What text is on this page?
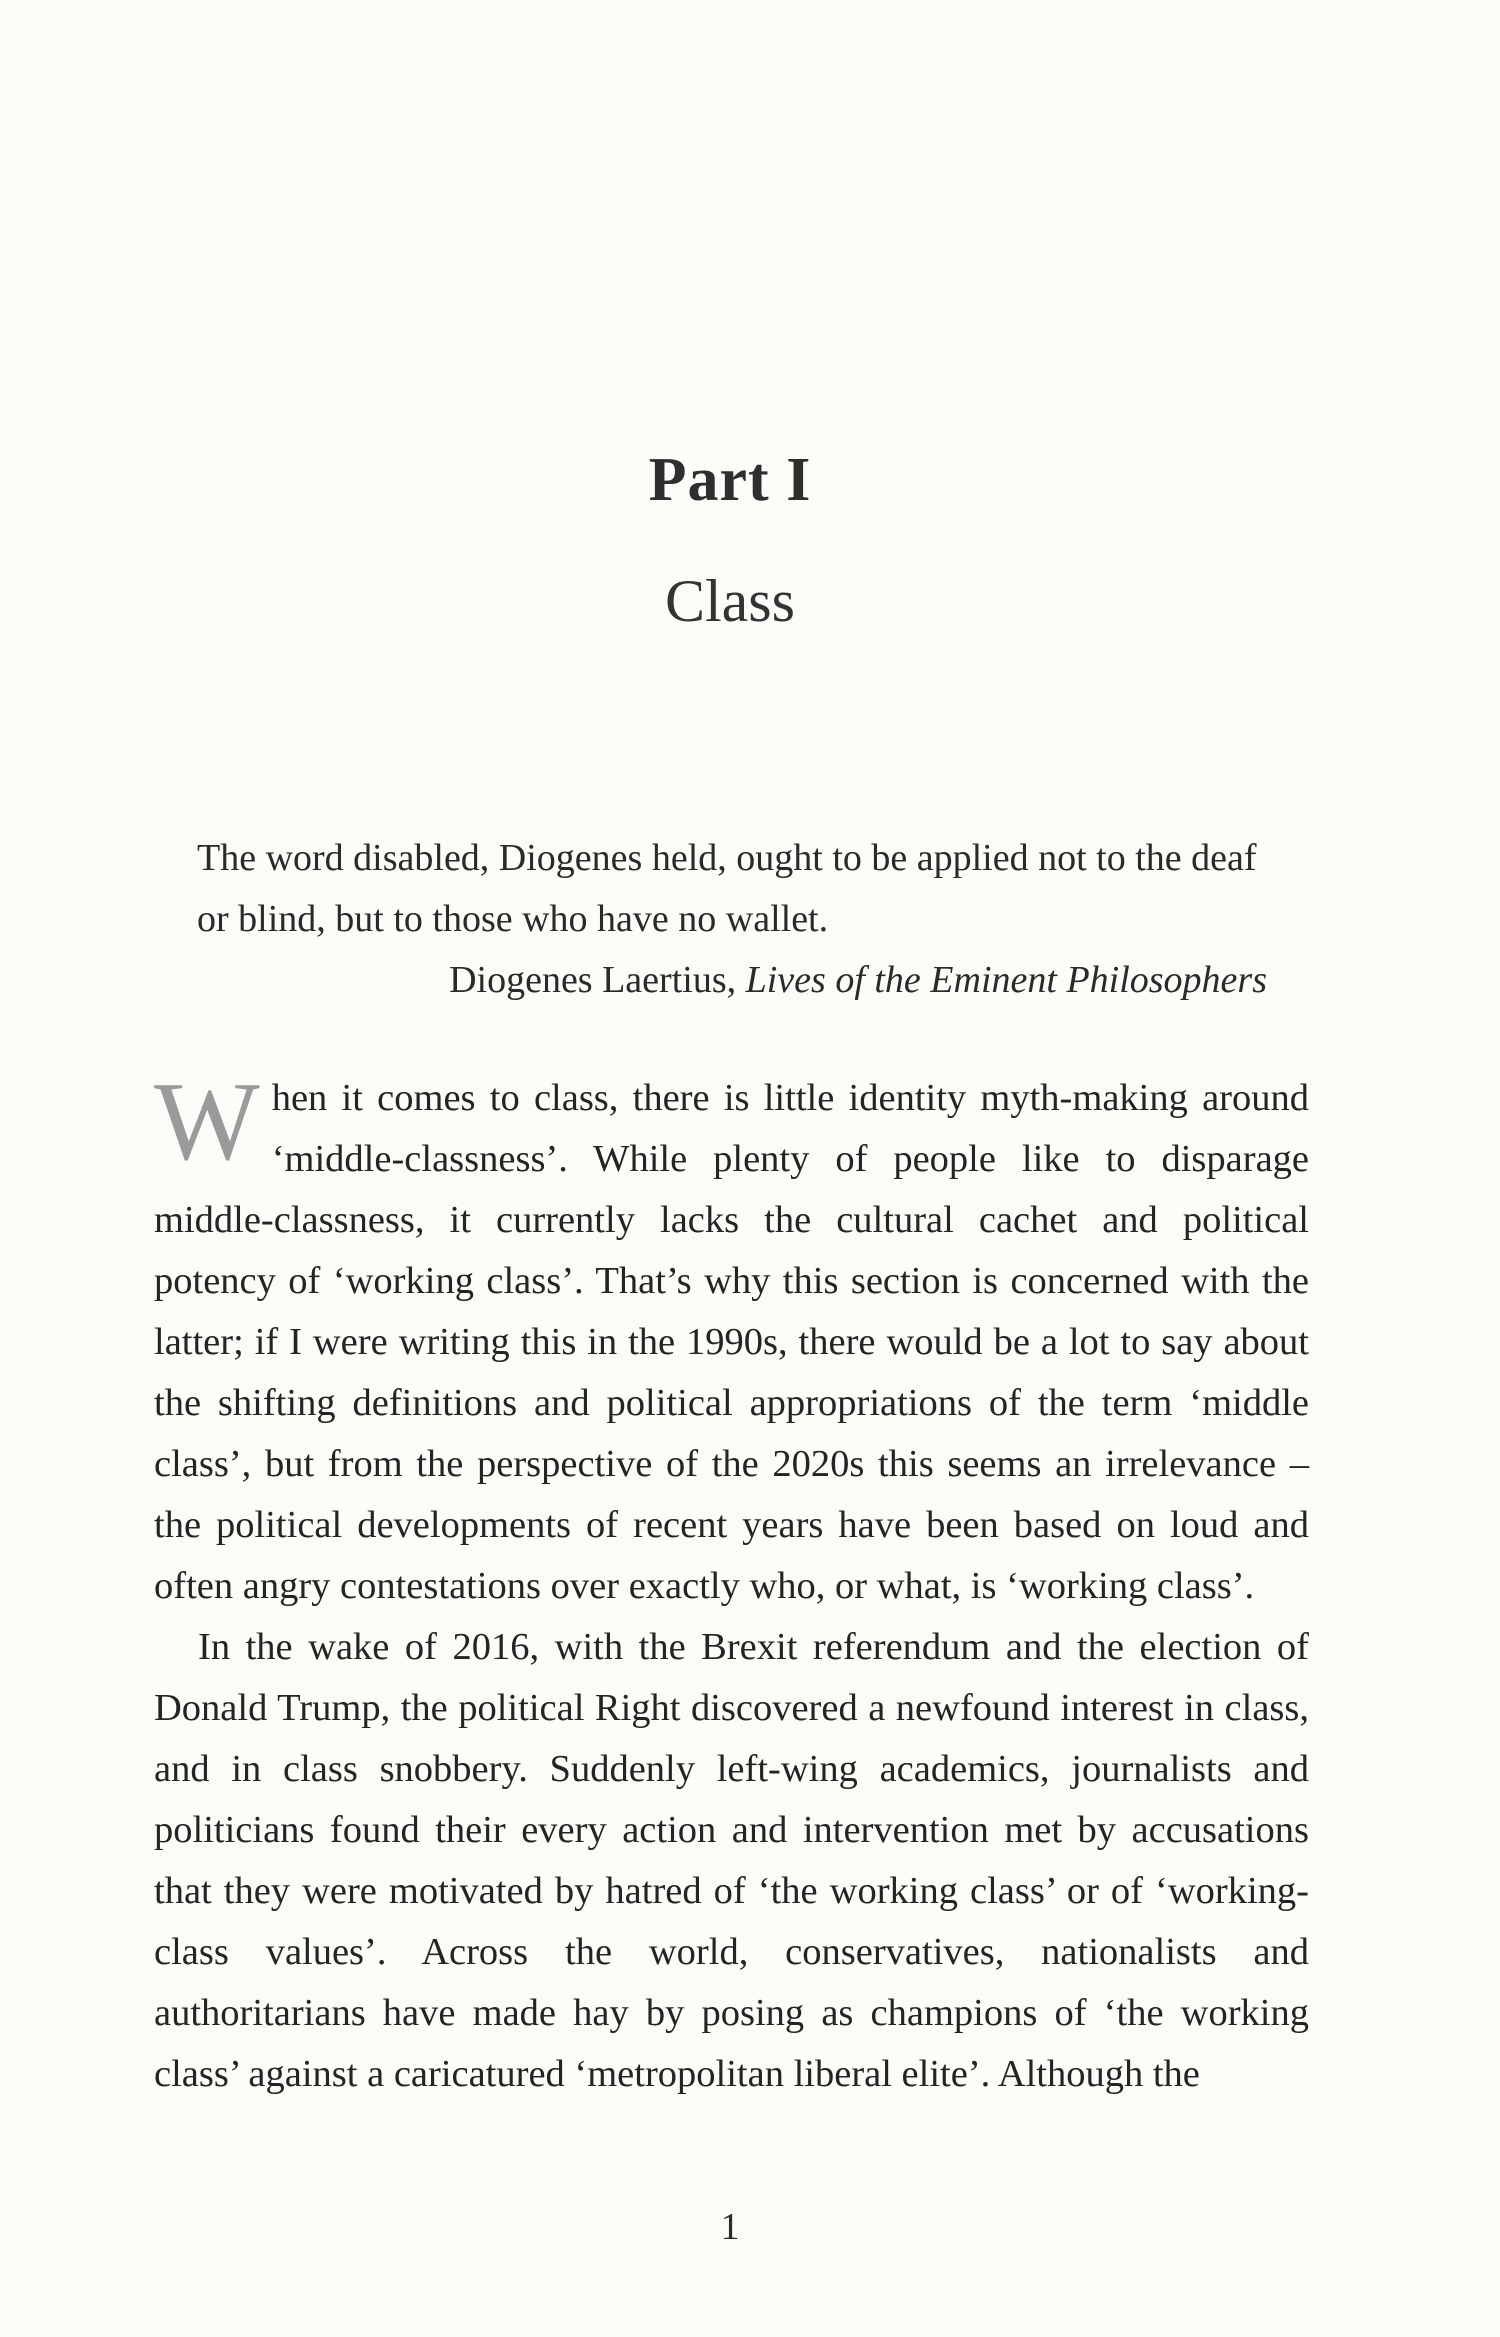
Part I
Class

The word disabled, Diogenes held, ought to be applied not to the deaf or blind, but to those who have no wallet.

Diogenes Laertius, Lives of the Eminent Philosophers

When it comes to class, there is little identity myth-making around ‘middle-classness’. While plenty of people like to disparage middle-classness, it currently lacks the cultural cachet and political potency of ‘working class’. That’s why this section is concerned with the latter; if I were writing this in the 1990s, there would be a lot to say about the shifting definitions and political appropriations of the term ‘middle class’, but from the perspective of the 2020s this seems an irrelevance – the political developments of recent years have been based on loud and often angry contestations over exactly who, or what, is ‘working class’.

In the wake of 2016, with the Brexit referendum and the election of Donald Trump, the political Right discovered a newfound interest in class, and in class snobbery. Suddenly left-wing academics, journalists and politicians found their every action and intervention met by accusations that they were motivated by hatred of ‘the working class’ or of ‘working-class values’. Across the world, conservatives, nationalists and authoritarians have made hay by posing as champions of ‘the working class’ against a caricatured ‘metropolitan liberal elite’. Although the

1
